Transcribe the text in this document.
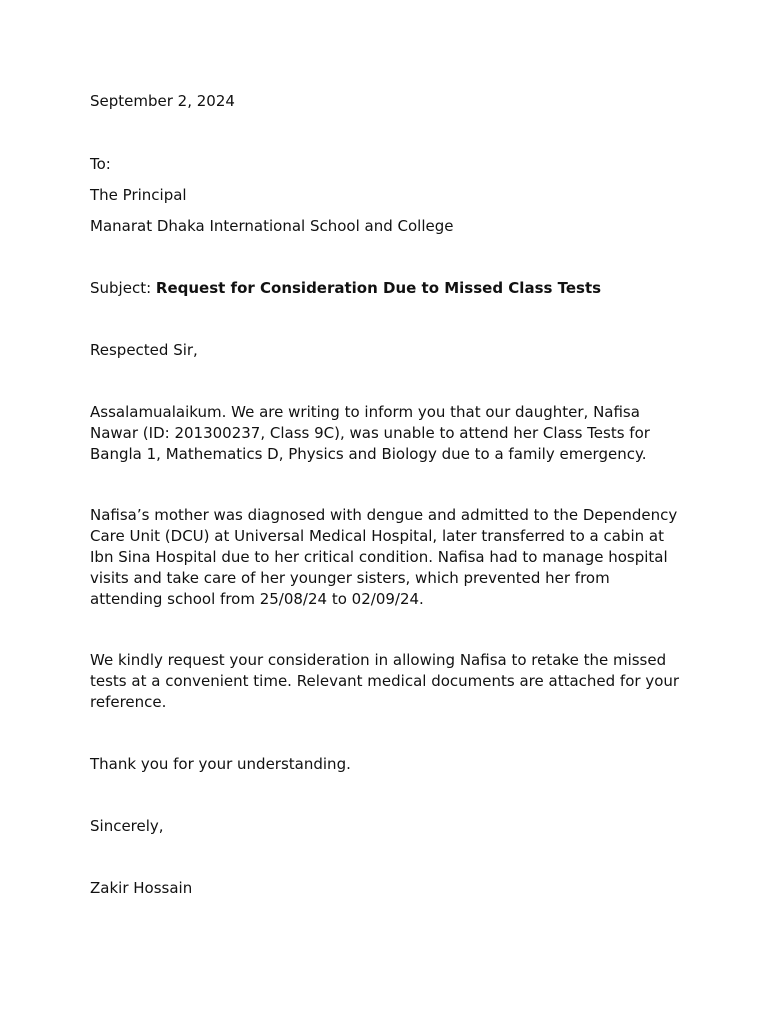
September 2, 2024

To:

The Principal

Manarat Dhaka International School and College

Subject: Request for Consideration Due to Missed Class Tests

Respected Sir,

Assalamualaikum. We are writing to inform you that our daughter, Nafisa Nawar (ID: 201300237, Class 9C), was unable to attend her Class Tests for Bangla 1, Mathematics D, Physics and Biology due to a family emergency.

Nafisa’s mother was diagnosed with dengue and admitted to the Dependency Care Unit (DCU) at Universal Medical Hospital, later transferred to a cabin at Ibn Sina Hospital due to her critical condition. Nafisa had to manage hospital visits and take care of her younger sisters, which prevented her from attending school from 25/08/24 to 02/09/24.

We kindly request your consideration in allowing Nafisa to retake the missed tests at a convenient time. Relevant medical documents are attached for your reference.

Thank you for your understanding.

Sincerely,

Zakir Hossain
